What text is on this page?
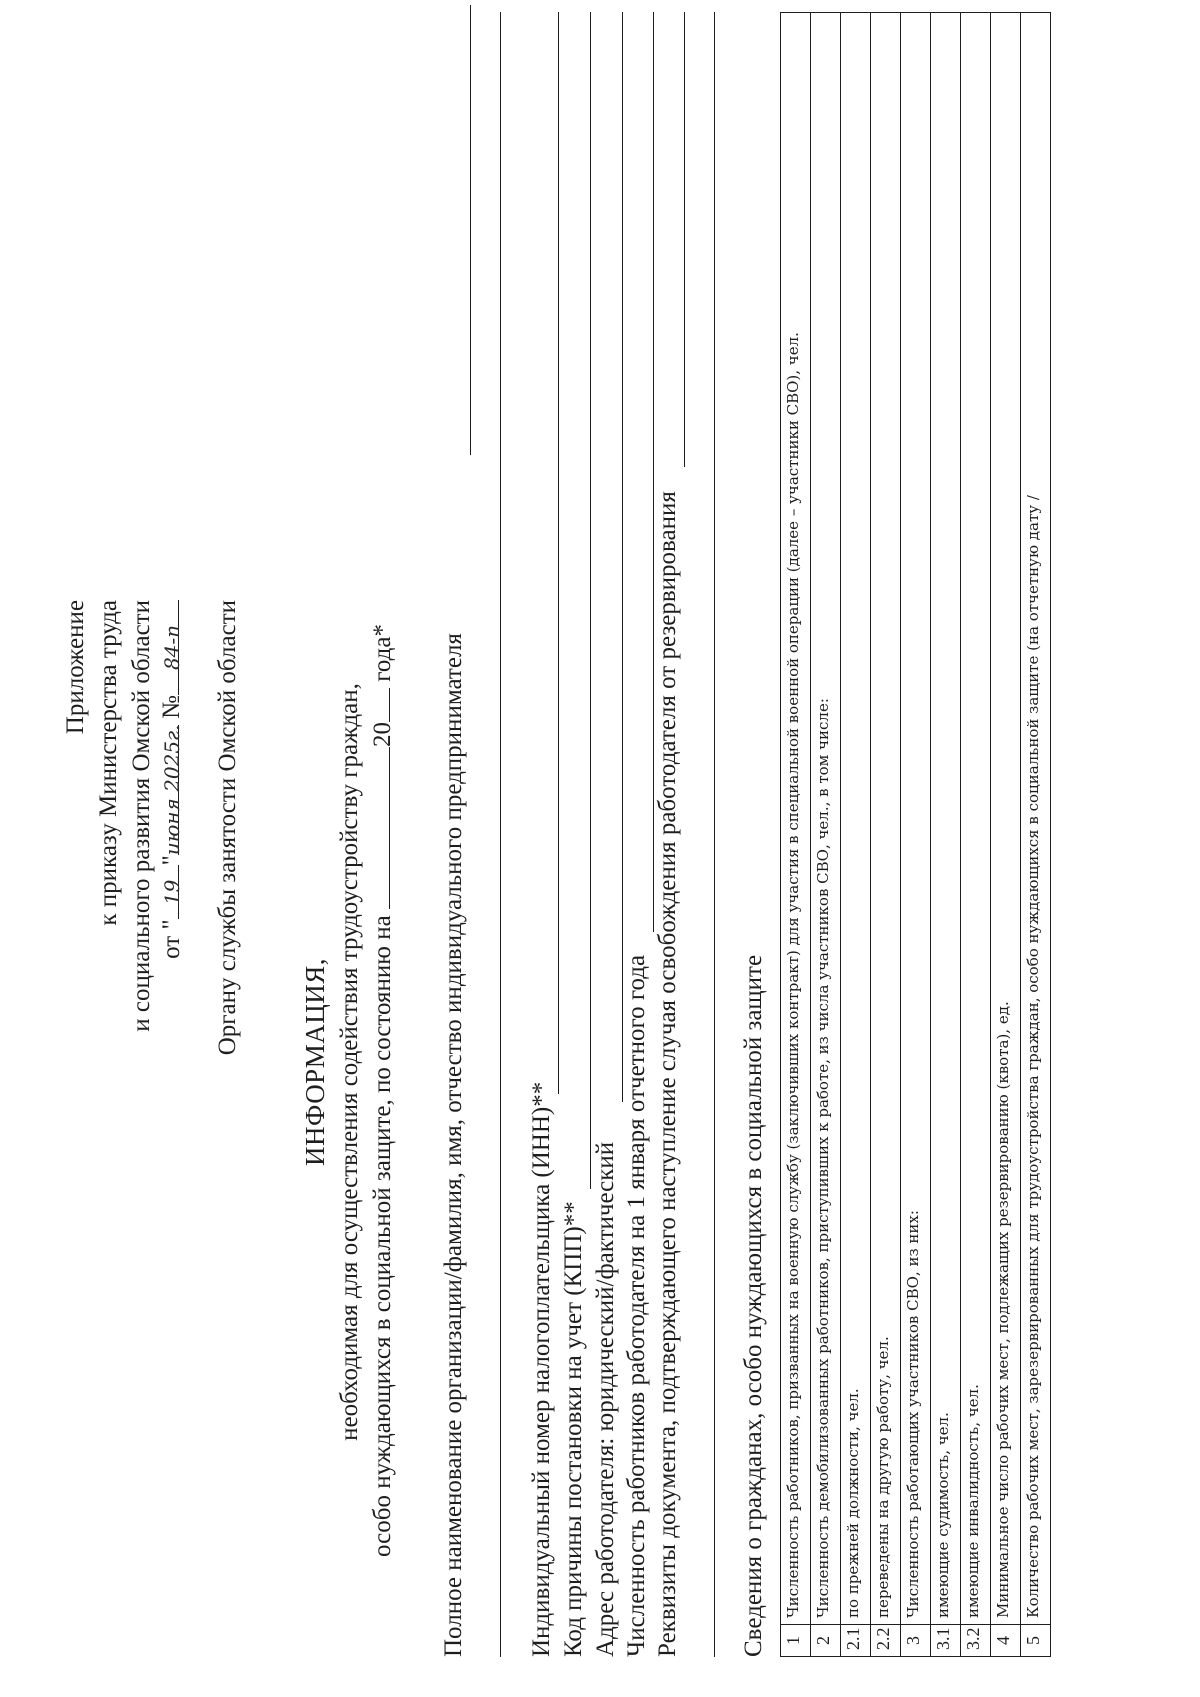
Приложение к приказу Министерства труда и социального развития Омской области от "19"июня 2025г. №84-п Органу службы занятости Омской области
ИНФОРМАЦИЯ, необходимая для осуществления содействия трудоустройству граждан, особо нуждающихся в социальной защите, по состоянию на 20 года* Полное наименование организации/фамилия, имя, отчество индивидуального предпринимателя Индивидуальный номер налогоплательщика (ИНН)** Код причины постановки на учет (КПП)** Адрес работодателя: юридический/фактический Численность работников работодателя на 1 января отчетного года Реквизиты документа, подтверждающего наступление случая освобождения работодателя от резервирования Сведения о гражданах, особо нуждающихся в социальной защите 1	Численность работников, призванных на военную службу (заключивших контракт) для участия в специальной военной операции (далее – участники СВО), чел.
2	Численность демобилизованных работников, приступивших к работе, из числа участников СВО, чел., в том числе:
2.1	по прежней должности, чел.
2.2	переведены на другую работу, чел.
3	Численность работающих участников СВО, из них:
3.1	имеющие судимость, чел.
3.2	имеющие инвалидность, чел.
4	Минимальное число рабочих мест, подлежащих резервированию (квота), ед.
5	Количество рабочих мест, зарезервированных для трудоустройства граждан, особо нуждающихся в социальной защите (на отчетную дату /
